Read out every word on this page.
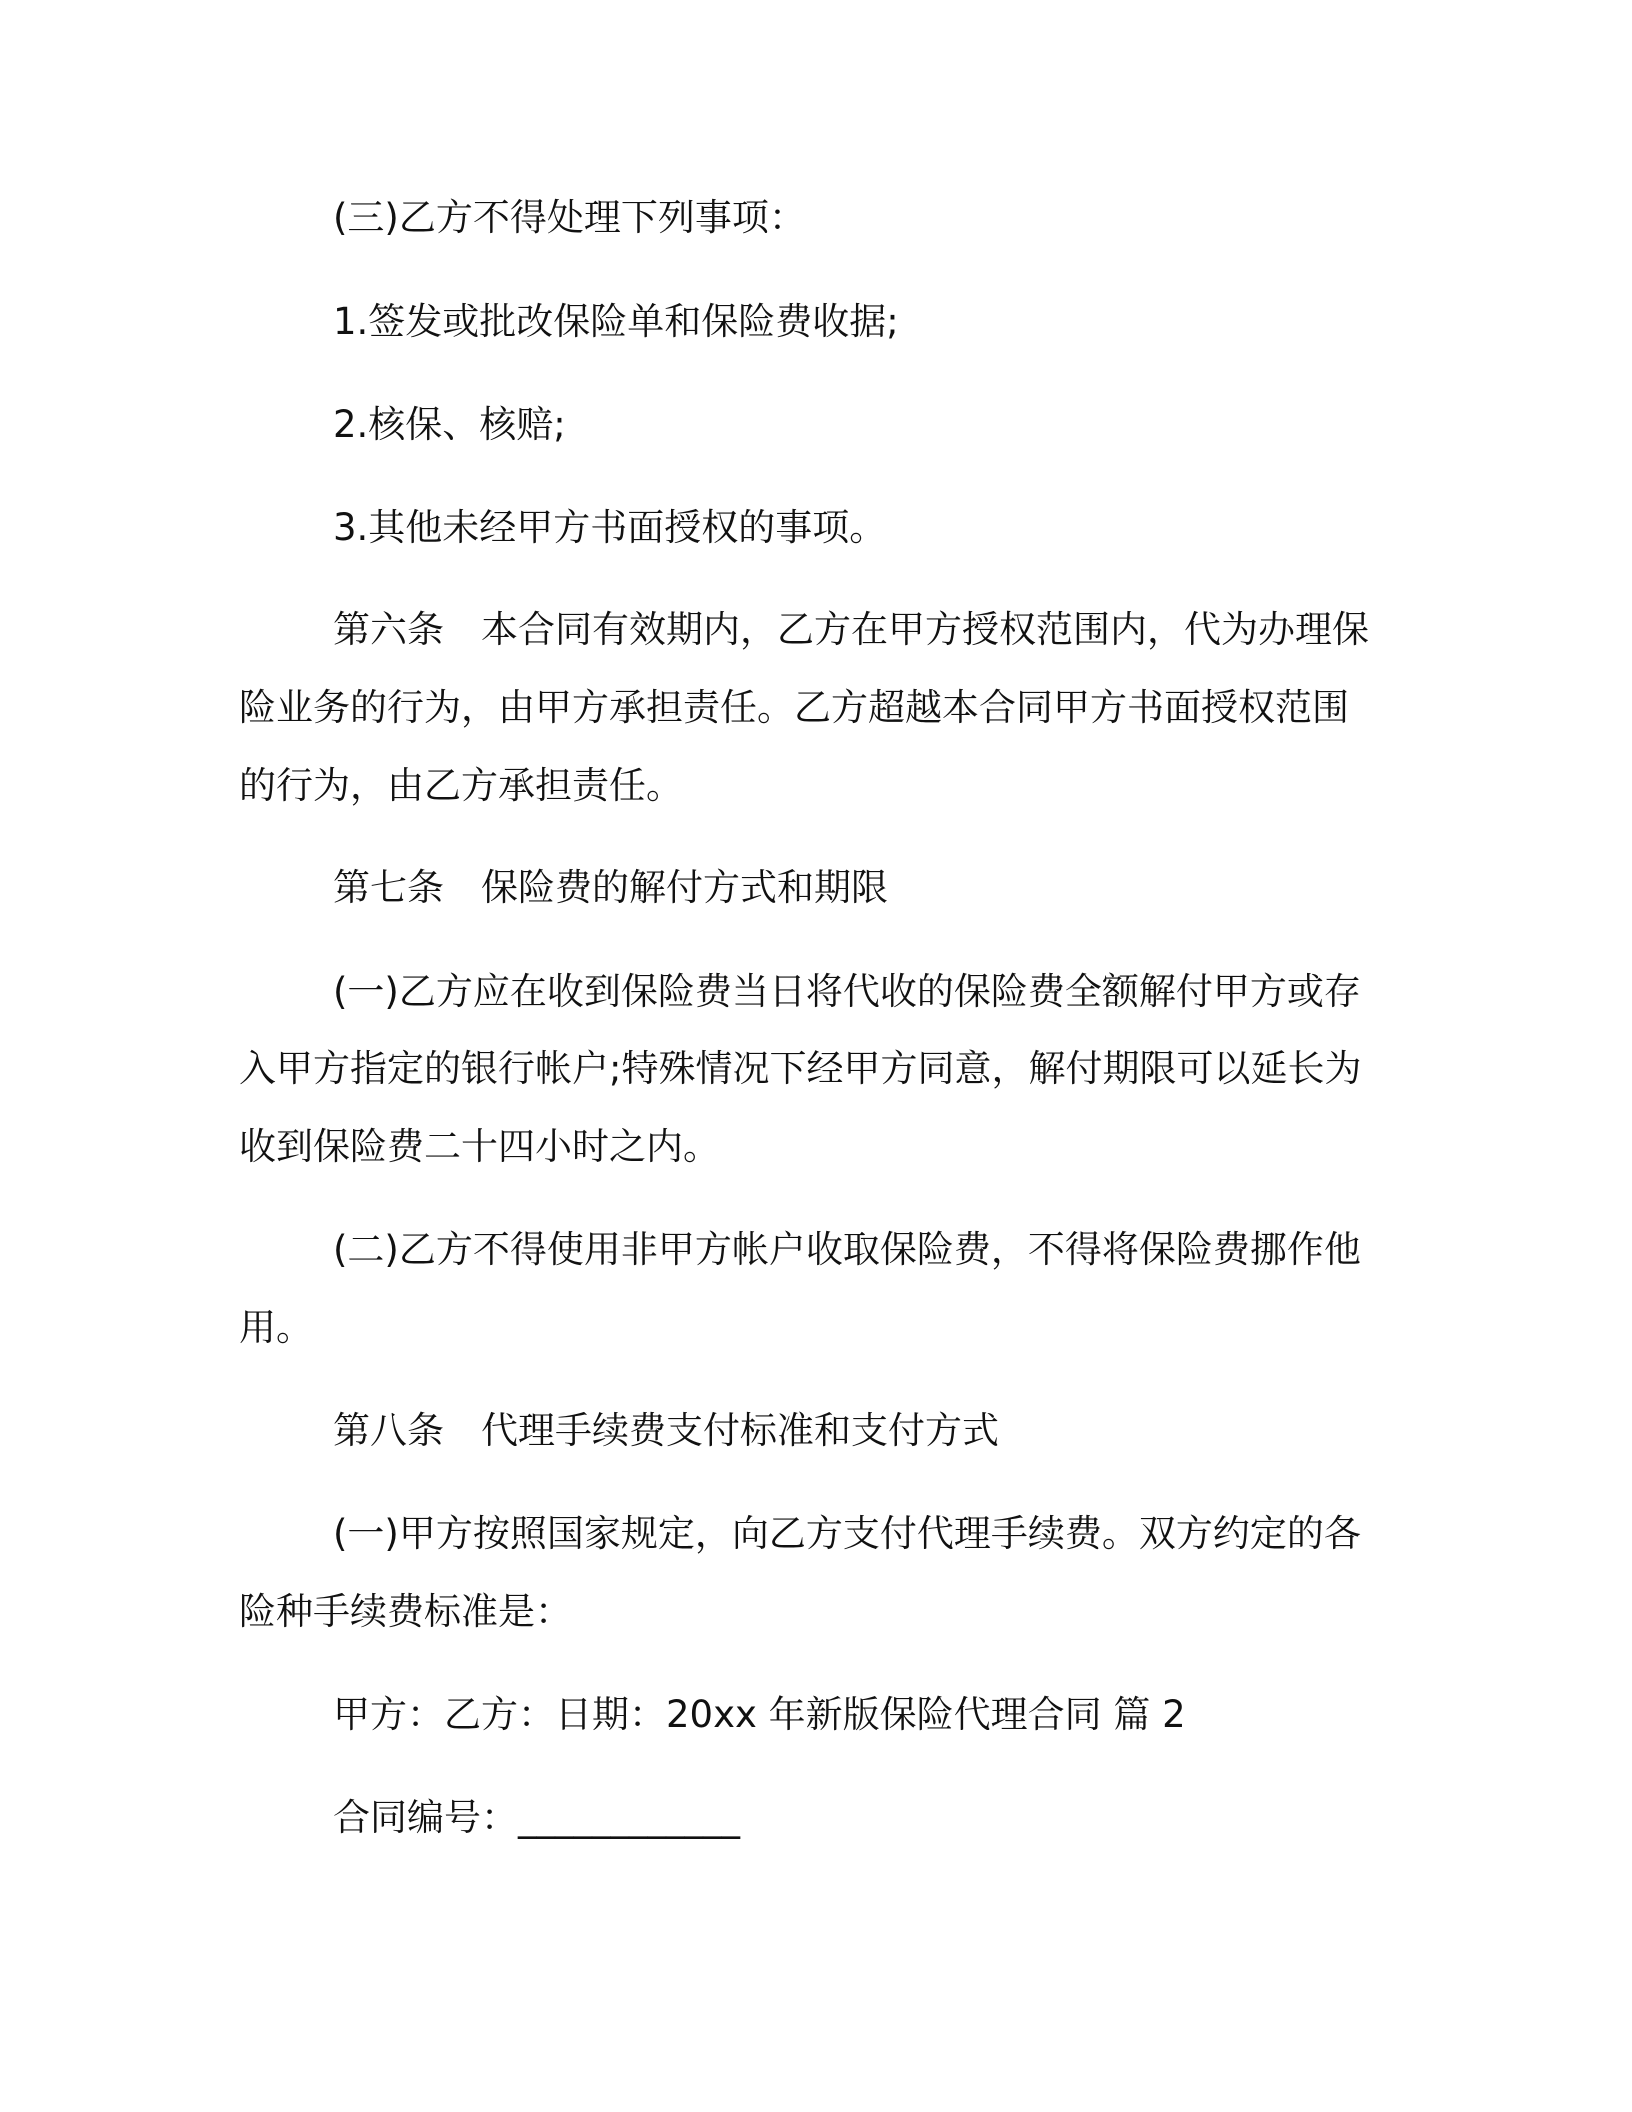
(三)乙方不得处理下列事项：
1.签发或批改保险单和保险费收据;
2.核保、核赔;
3.其他未经甲方书面授权的事项。
第六条　本合同有效期内，乙方在甲方授权范围内，代为办理保
险业务的行为，由甲方承担责任。乙方超越本合同甲方书面授权范围
的行为，由乙方承担责任。
第七条　保险费的解付方式和期限
(一)乙方应在收到保险费当日将代收的保险费全额解付甲方或存
入甲方指定的银行帐户;特殊情况下经甲方同意，解付期限可以延长为
收到保险费二十四小时之内。
(二)乙方不得使用非甲方帐户收取保险费，不得将保险费挪作他
用。
第八条　代理手续费支付标准和支付方式
(一)甲方按照国家规定，向乙方支付代理手续费。双方约定的各
险种手续费标准是：
甲方：乙方：日期：20xx 年新版保险代理合同 篇 2
合同编号：____________
